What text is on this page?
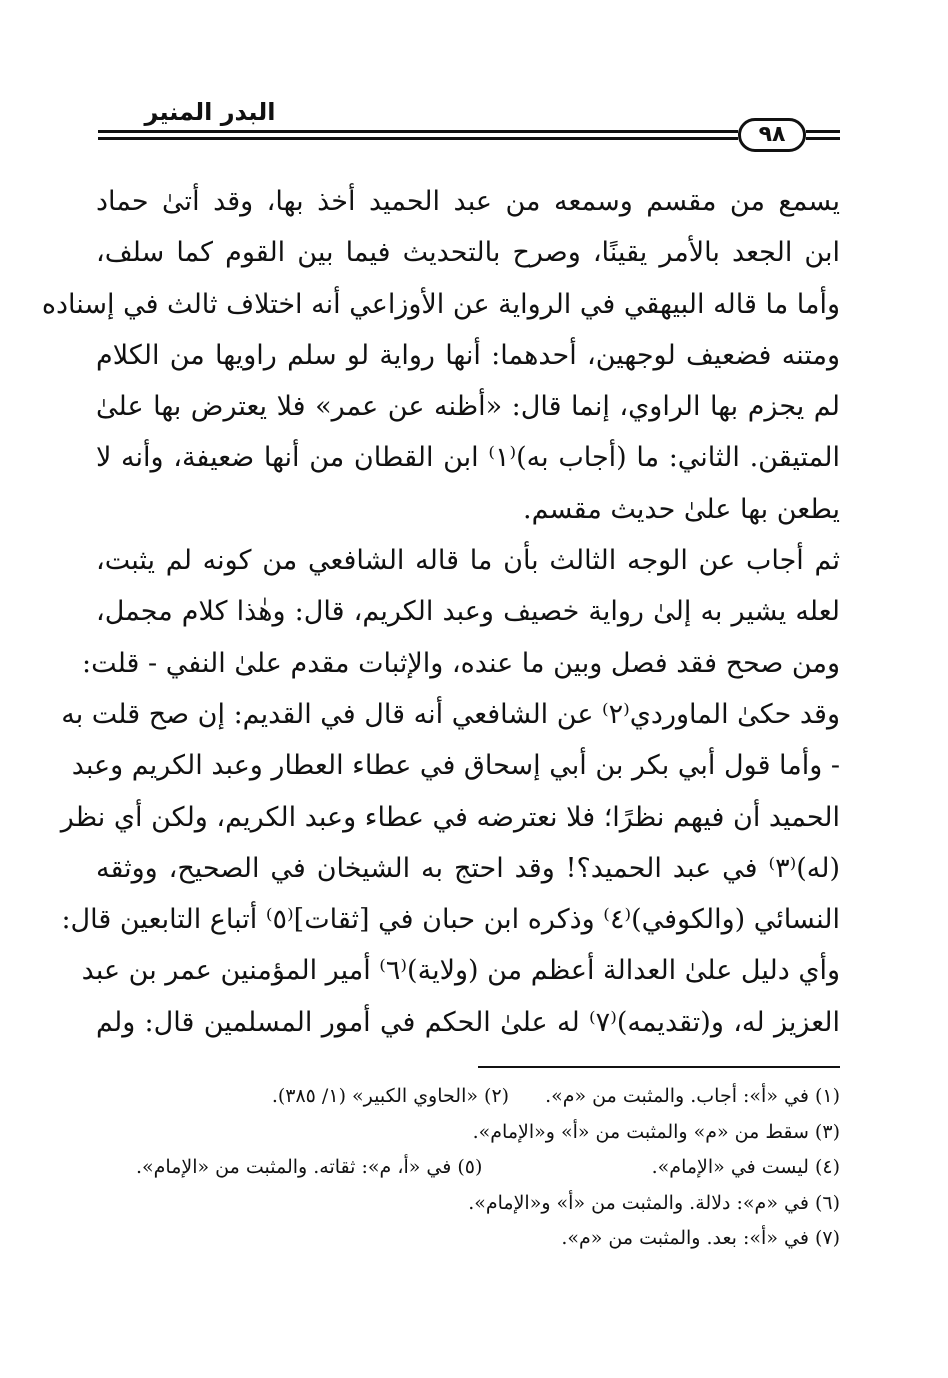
البدر المنير
٩٨
يسمع من مقسم وسمعه من عبد الحميد أخذ بها، وقد أتىٰ حماد
ابن الجعد بالأمر يقينًا، وصرح بالتحديث فيما بين القوم كما سلف،
وأما ما قاله البيهقي في الرواية عن الأوزاعي أنه اختلاف ثالث في إسناده
ومتنه فضعيف لوجهين، أحدهما: أنها رواية لو سلم راويها من الكلام
لم يجزم بها الراوي، إنما قال: «أظنه عن عمر» فلا يعترض بها علىٰ
المتيقن. الثاني: ما (أجاب به)⁽١⁾ ابن القطان من أنها ضعيفة، وأنه لا
يطعن بها علىٰ حديث مقسم.
ثم أجاب عن الوجه الثالث بأن ما قاله الشافعي من كونه لم يثبت،
لعله يشير به إلىٰ رواية خصيف وعبد الكريم، قال: وهٰذا كلام مجمل،
ومن صحح فقد فصل وبين ما عنده، والإثبات مقدم علىٰ النفي - قلت:
وقد حكىٰ الماوردي⁽٢⁾ عن الشافعي أنه قال في القديم: إن صح قلت به
- وأما قول أبي بكر بن أبي إسحاق في عطاء العطار وعبد الكريم وعبد
الحميد أن فيهم نظرًا؛ فلا نعترضه في عطاء وعبد الكريم، ولكن أي نظر
(له)⁽٣⁾ في عبد الحميد؟! وقد احتج به الشيخان في الصحيح، ووثقه
النسائي (والكوفي)⁽٤⁾ وذكره ابن حبان في [ثقات]⁽٥⁾ أتباع التابعين قال:
وأي دليل علىٰ العدالة أعظم من (ولاية)⁽٦⁾ أمير المؤمنين عمر بن عبد
العزيز له، و(تقديمه)⁽٧⁾ له علىٰ الحكم في أمور المسلمين قال: ولم
(١) في «أ»: أجاب. والمثبت من «م».
(٢) «الحاوي الكبير» (١/ ٣٨٥).
(٣) سقط من «م» والمثبت من «أ» و«الإمام».
(٤) ليست في «الإمام».
(٥) في «أ، م»: ثقاته. والمثبت من «الإمام».
(٦) في «م»: دلالة. والمثبت من «أ» و«الإمام».
(٧) في «أ»: بعد. والمثبت من «م».
